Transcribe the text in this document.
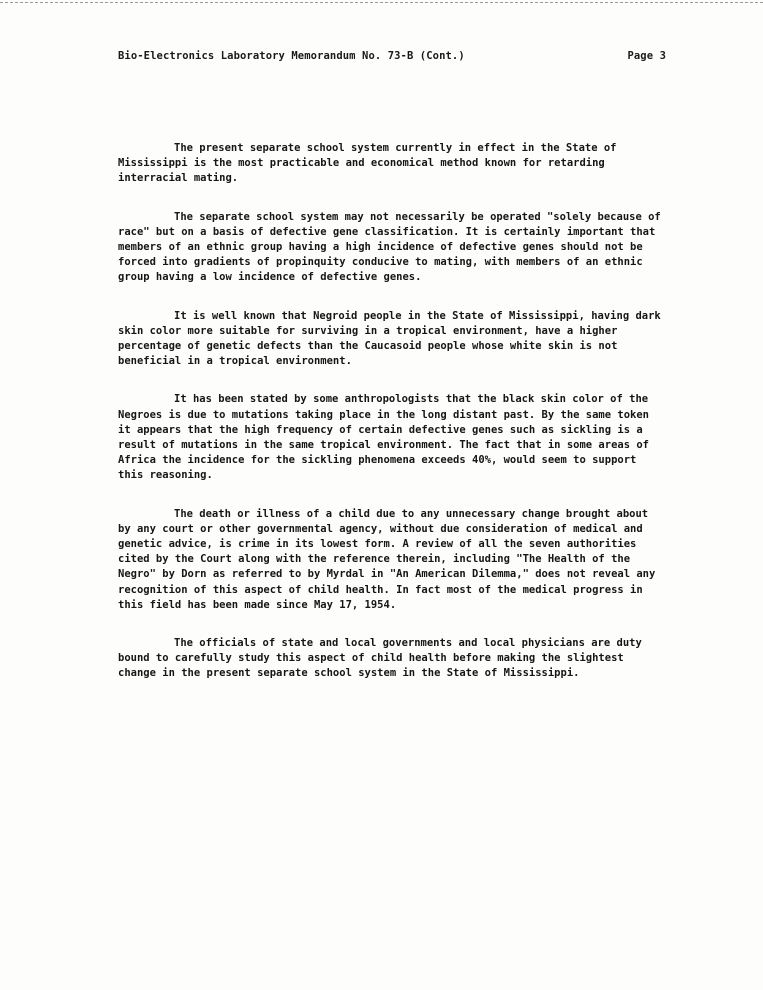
Bio-Electronics Laboratory Memorandum No. 73-B (Cont.)	Page 3

The present separate school system currently in effect in the State of Mississippi is the most practicable and economical method known for retarding interracial mating.

The separate school system may not necessarily be operated "solely because of race" but on a basis of defective gene classification. It is certainly important that members of an ethnic group having a high incidence of defective genes should not be forced into gradients of propinquity conducive to mating, with members of an ethnic group having a low incidence of defective genes.

It is well known that Negroid people in the State of Mississippi, having dark skin color more suitable for surviving in a tropical environment, have a higher percentage of genetic defects than the Caucasoid people whose white skin is not beneficial in a tropical environment.

It has been stated by some anthropologists that the black skin color of the Negroes is due to mutations taking place in the long distant past. By the same token it appears that the high frequency of certain defective genes such as sickling is a result of mutations in the same tropical environment. The fact that in some areas of Africa the incidence for the sickling phenomena exceeds 40%, would seem to support this reasoning.

The death or illness of a child due to any unnecessary change brought about by any court or other governmental agency, without due consideration of medical and genetic advice, is crime in its lowest form. A review of all the seven authorities cited by the Court along with the reference therein, including "The Health of the Negro" by Dorn as referred to by Myrdal in "An American Dilemma," does not reveal any recognition of this aspect of child health. In fact most of the medical progress in this field has been made since May 17, 1954.

The officials of state and local governments and local physicians are duty bound to carefully study this aspect of child health before making the slightest change in the present separate school system in the State of Mississippi.
